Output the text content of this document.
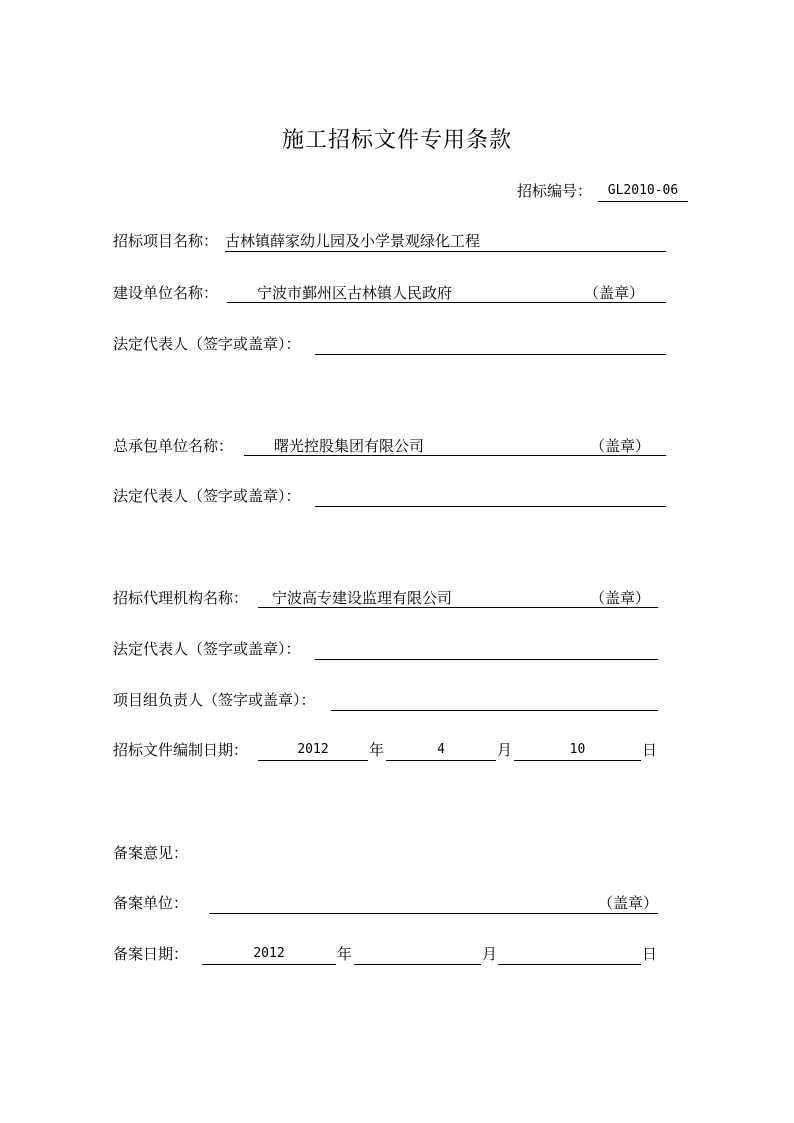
施工招标文件专用条款
招标编号：	GL2010-06
招标项目名称： 古林镇薛家幼儿园及小学景观绿化工程
建设单位名称：	宁波市鄞州区古林镇人民政府	（盖章）
法定代表人（签字或盖章）：
总承包单位名称：	曙光控股集团有限公司	（盖章）
法定代表人（签字或盖章）：
招标代理机构名称：	宁波高专建设监理有限公司	（盖章）
法定代表人（签字或盖章）：
项目组负责人（签字或盖章）：
招标文件编制日期：	2012	年	4	月	10	日
备案意见：
备案单位：	（盖章）
备案日期：	2012	年	月	日
